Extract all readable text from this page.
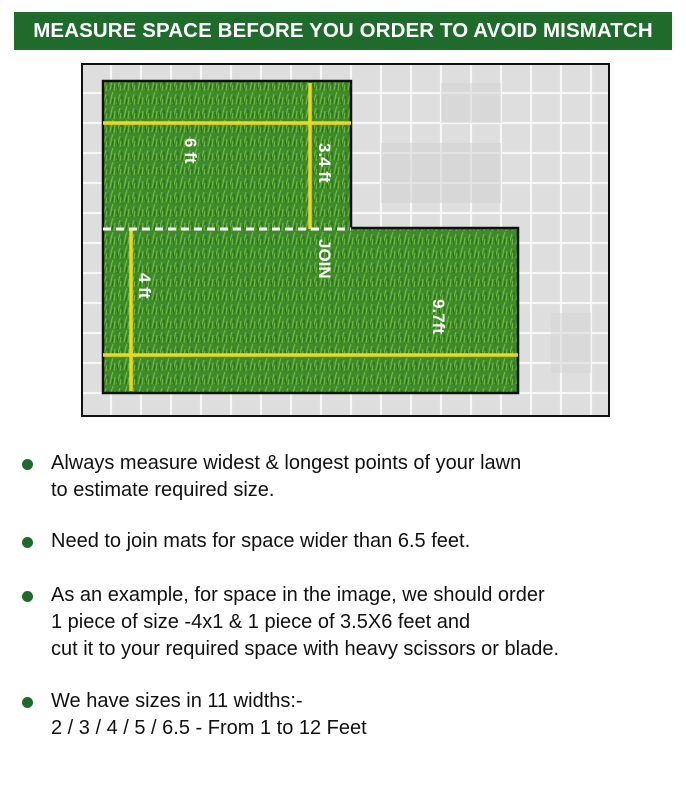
MEASURE SPACE BEFORE YOU ORDER TO AVOID MISMATCH
6 ft	3.4 ft
JOIN
4 ft
9.7ft
Always measure widest & longest points of your lawn
to estimate required size.
Need to join mats for space wider than 6.5 feet.
As an example, for space in the image, we should order
1 piece of size -4x1 & 1 piece of 3.5X6 feet and
cut it to your required space with heavy scissors or blade.
We have sizes in 11 widths:-
2 / 3 / 4 / 5 / 6.5 - From 1 to 12 Feet
